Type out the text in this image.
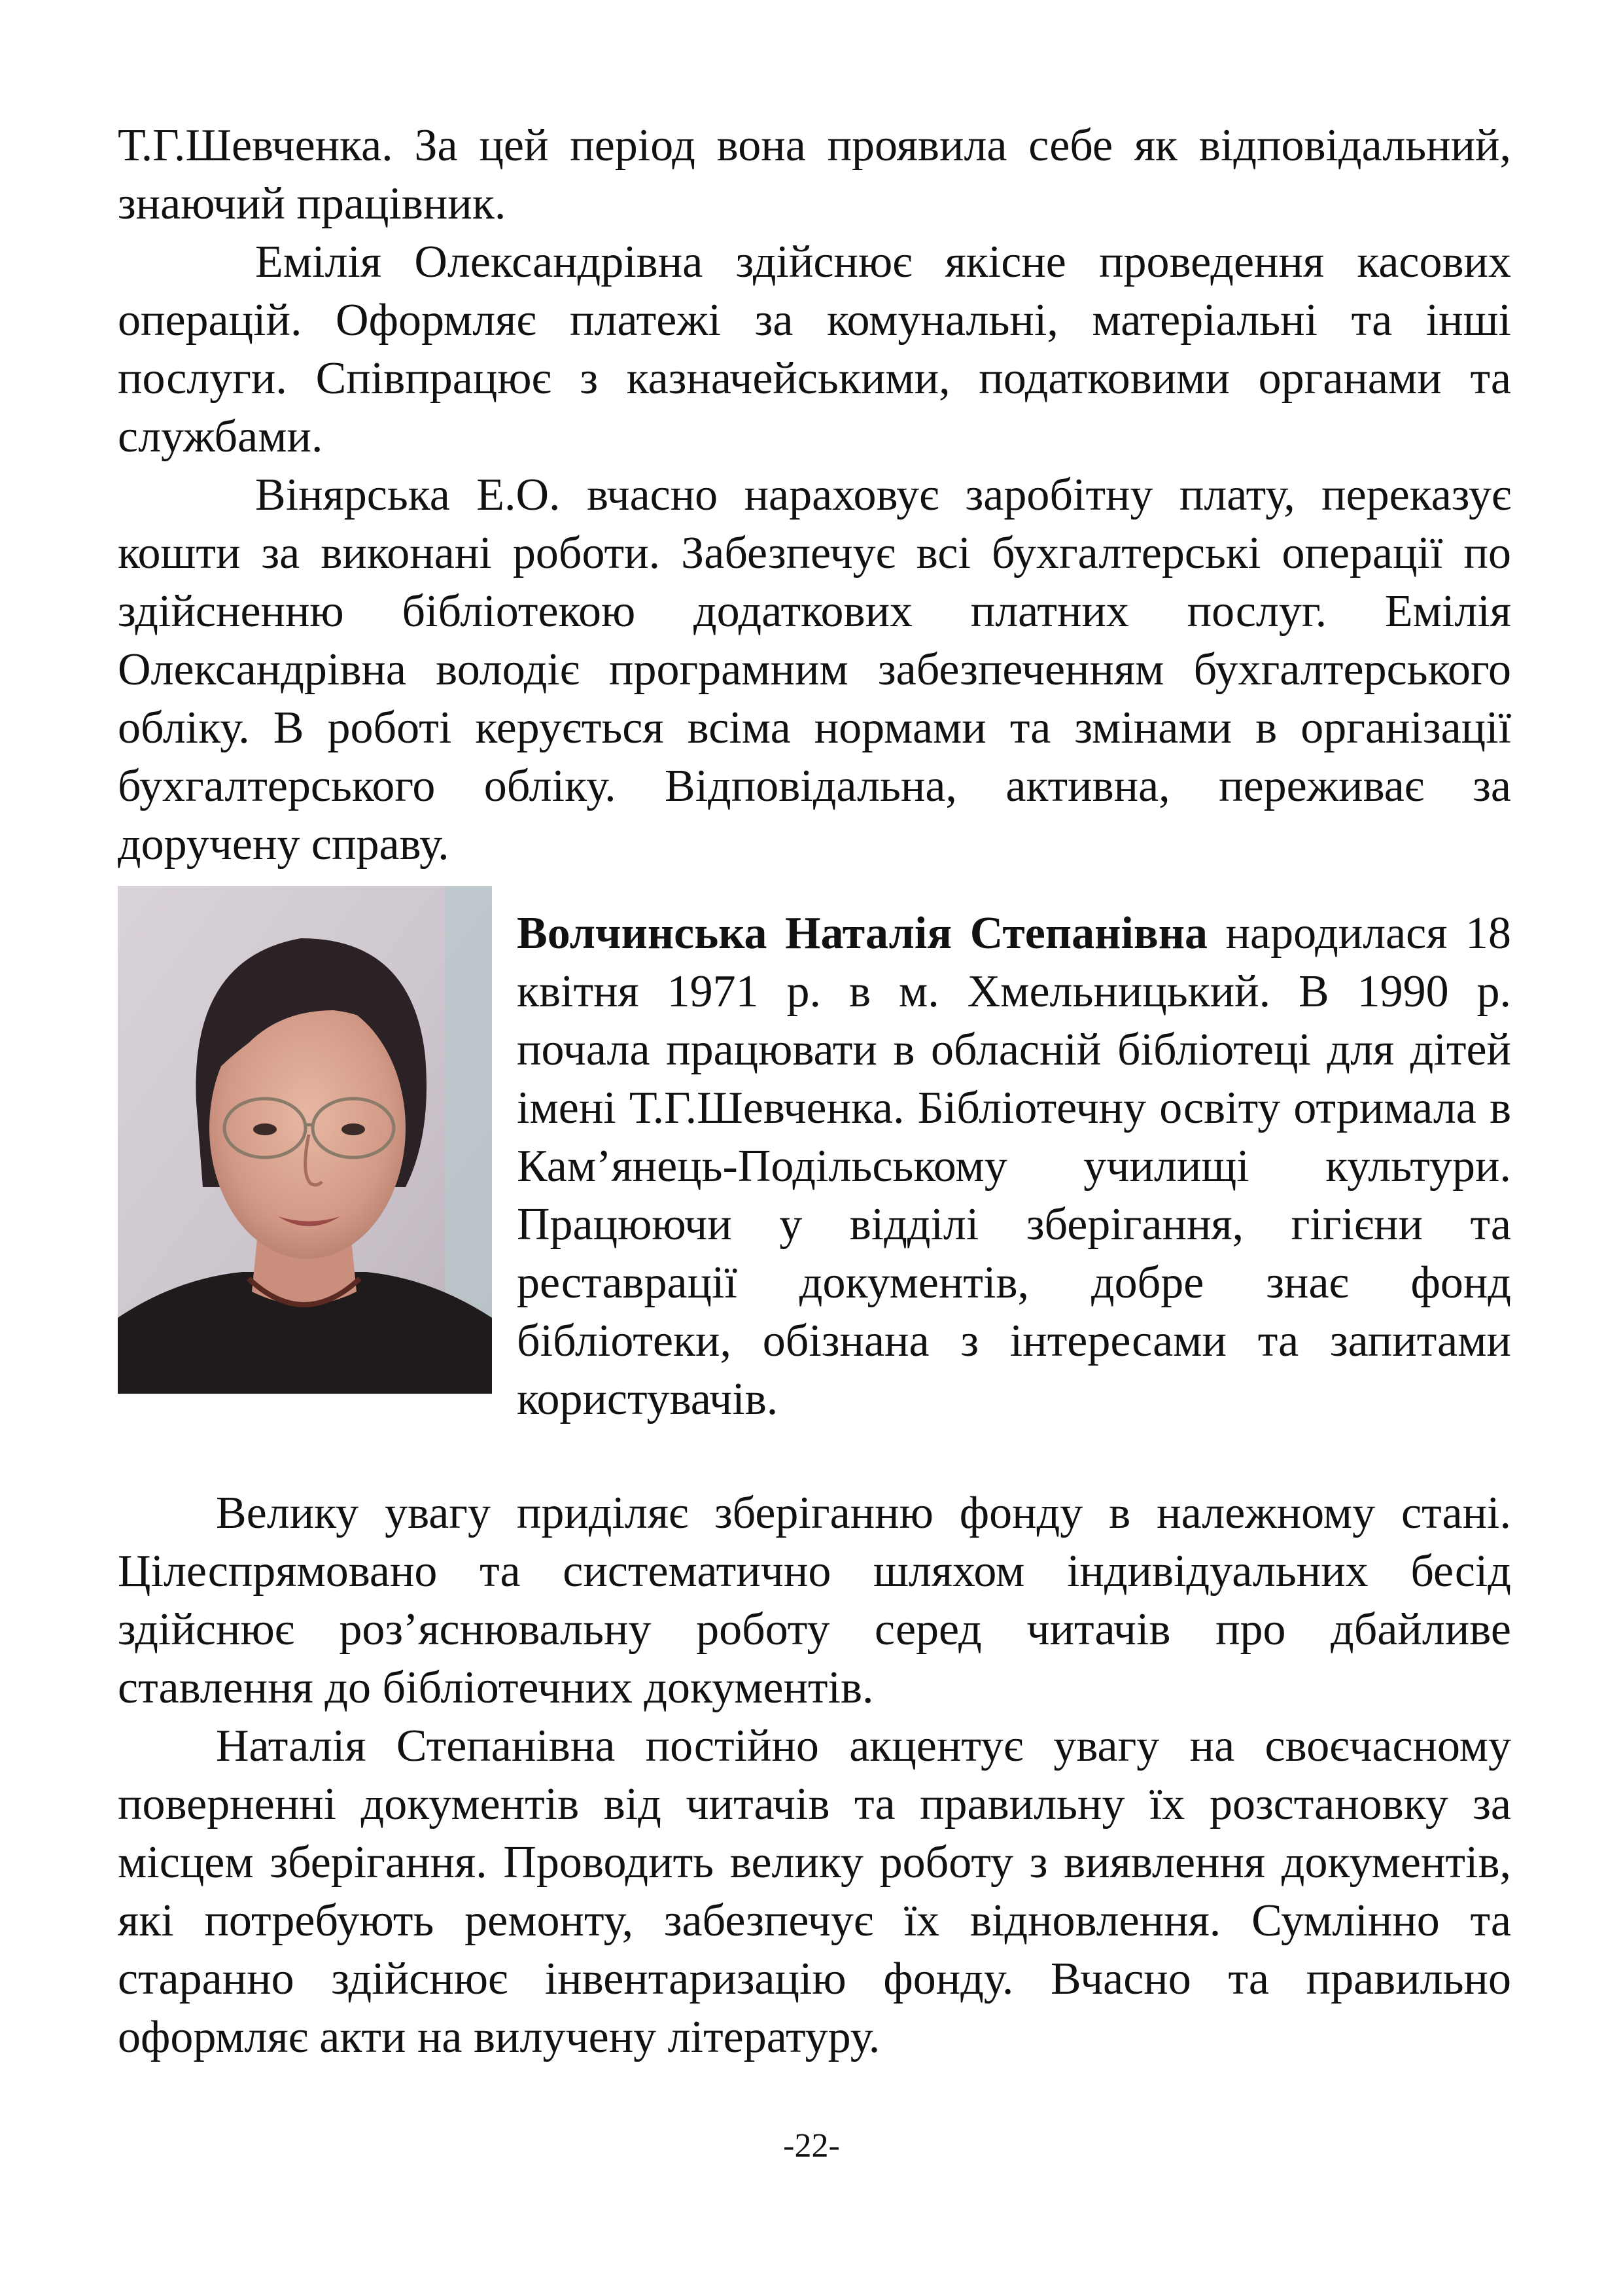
Т.Г.Шевченка. За цей період вона проявила себе як відповідальний, знаючий працівник.

Емілія Олександрівна здійснює якісне проведення касових операцій. Оформляє платежі за комунальні, матеріальні та інші послуги. Співпрацює з казначейськими, податковими органами та службами.

Вінярська Е.О. вчасно нараховує заробітну плату, переказує кошти за виконані роботи. Забезпечує всі бухгалтерські операції по здійсненню бібліотекою додаткових платних послуг. Емілія Олександрівна володіє програмним забезпеченням бухгалтерського обліку. В роботі керується всіма нормами та змінами в організації бухгалтерського обліку. Відповідальна, активна, переживає за доручену справу.

Волчинська Наталія Степанівна народилася 18 квітня 1971 р. в м. Хмельницький. В 1990 р. почала працювати в обласній бібліотеці для дітей імені Т.Г.Шевченка. Бібліотечну освіту отримала в Кам’янець-Подільському училищі культури. Працюючи у відділі зберігання, гігієни та реставрації документів, добре знає фонд бібліотеки, обізнана з інтересами та запитами користувачів.

Велику увагу приділяє зберіганню фонду в належному стані. Цілеспрямовано та систематично шляхом індивідуальних бесід здійснює роз’яснювальну роботу серед читачів про дбайливе ставлення до бібліотечних документів.

Наталія Степанівна постійно акцентує увагу на своєчасному поверненні документів від читачів та правильну їх розстановку за місцем зберігання. Проводить велику роботу з виявлення документів, які потребують ремонту, забезпечує їх відновлення. Сумлінно та старанно здійснює інвентаризацію фонду. Вчасно та правильно оформляє акти на вилучену літературу.

-22-
